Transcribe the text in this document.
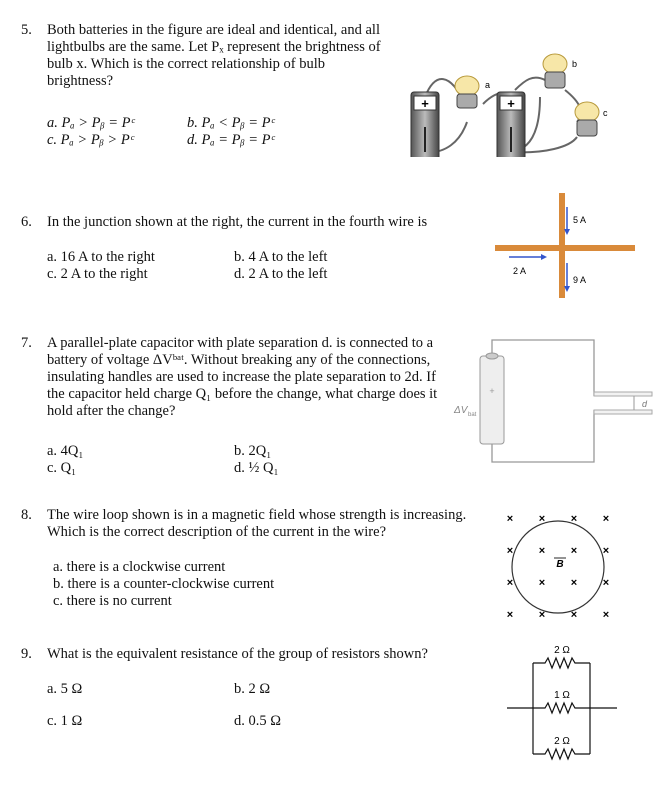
5. Both batteries in the figure are ideal and identical, and all
lightbulbs are the same. Let Pₓ represent the brightness of
bulb x. Which is the correct relationship of bulb
brightness?
a. Pₐ > Pᵦ = Pᶜ	b. Pₐ < Pᵦ = Pᶜ
c. Pₐ > Pᵦ > Pᶜ	d. Pₐ = Pᵦ = Pᶜ
+	+
a
b
c
6. In the junction shown at the right, the current in the fourth wire is
a. 16 A to the right	b. 4 A to the left
c. 2 A to the right	d. 2 A to the left
5 A
2 A
9 A
7. A parallel-plate capacitor with plate separation d. is connected to a
battery of voltage ΔVᵇᵃᵗ. Without breaking any of the connections,
insulating handles are used to increase the plate separation to 2d. If
the capacitor held charge Q₁ before the change, what charge does it
hold after the change?
a. 4Q₁	b. 2Q₁
c. Q₁	d. ½ Q₁
+
ΔV bat
d
8. The wire loop shown is in a magnetic field whose strength is increasing.
Which is the correct description of the current in the wire?
a. there is a clockwise current
b. there is a counter-clockwise current
c. there is no current
× × × ×
× × × ×
× × × ×
× × × ×
B
9. What is the equivalent resistance of the group of resistors shown?
a. 5 Ω	b. 2 Ω
c. 1 Ω	d. 0.5 Ω
2 Ω
1 Ω
2 Ω
